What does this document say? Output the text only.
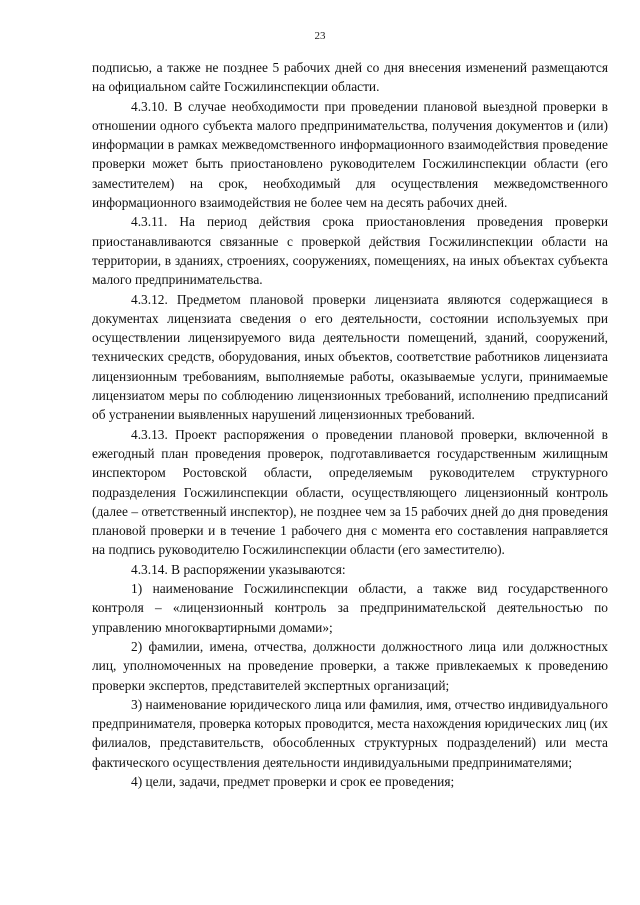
23

подписью, а также не позднее 5 рабочих дней со дня внесения изменений размещаются на официальном сайте Госжилинспекции области.

4.3.10. В случае необходимости при проведении плановой выездной проверки в отношении одного субъекта малого предпринимательства, получения документов и (или) информации в рамках межведомственного информационного взаимодействия проведение проверки может быть приостановлено руководителем Госжилинспекции области (его заместителем) на срок, необходимый для осуществления межведомственного информационного взаимодействия не более чем на десять рабочих дней.

4.3.11. На период действия срока приостановления проведения проверки приостанавливаются связанные с проверкой действия Госжилинспекции области на территории, в зданиях, строениях, сооружениях, помещениях, на иных объектах субъекта малого предпринимательства.

4.3.12. Предметом плановой проверки лицензиата являются содержащиеся в документах лицензиата сведения о его деятельности, состоянии используемых при осуществлении лицензируемого вида деятельности помещений, зданий, сооружений, технических средств, оборудования, иных объектов, соответствие работников лицензиата лицензионным требованиям, выполняемые работы, оказываемые услуги, принимаемые лицензиатом меры по соблюдению лицензионных требований, исполнению предписаний об устранении выявленных нарушений лицензионных требований.

4.3.13. Проект распоряжения о проведении плановой проверки, включенной в ежегодный план проведения проверок, подготавливается государственным жилищным инспектором Ростовской области, определяемым руководителем структурного подразделения Госжилинспекции области, осуществляющего лицензионный контроль (далее – ответственный инспектор), не позднее чем за 15 рабочих дней до дня проведения плановой проверки и в течение 1 рабочего дня с момента его составления направляется на подпись руководителю Госжилинспекции области (его заместителю).

4.3.14. В распоряжении указываются:

1) наименование Госжилинспекции области, а также вид государственного контроля – «лицензионный контроль за предпринимательской деятельностью по управлению многоквартирными домами»;

2) фамилии, имена, отчества, должности должностного лица или должностных лиц, уполномоченных на проведение проверки, а также привлекаемых к проведению проверки экспертов, представителей экспертных организаций;

3) наименование юридического лица или фамилия, имя, отчество индивидуального предпринимателя, проверка которых проводится, места нахождения юридических лиц (их филиалов, представительств, обособленных структурных подразделений) или места фактического осуществления деятельности индивидуальными предпринимателями;

4) цели, задачи, предмет проверки и срок ее проведения;
